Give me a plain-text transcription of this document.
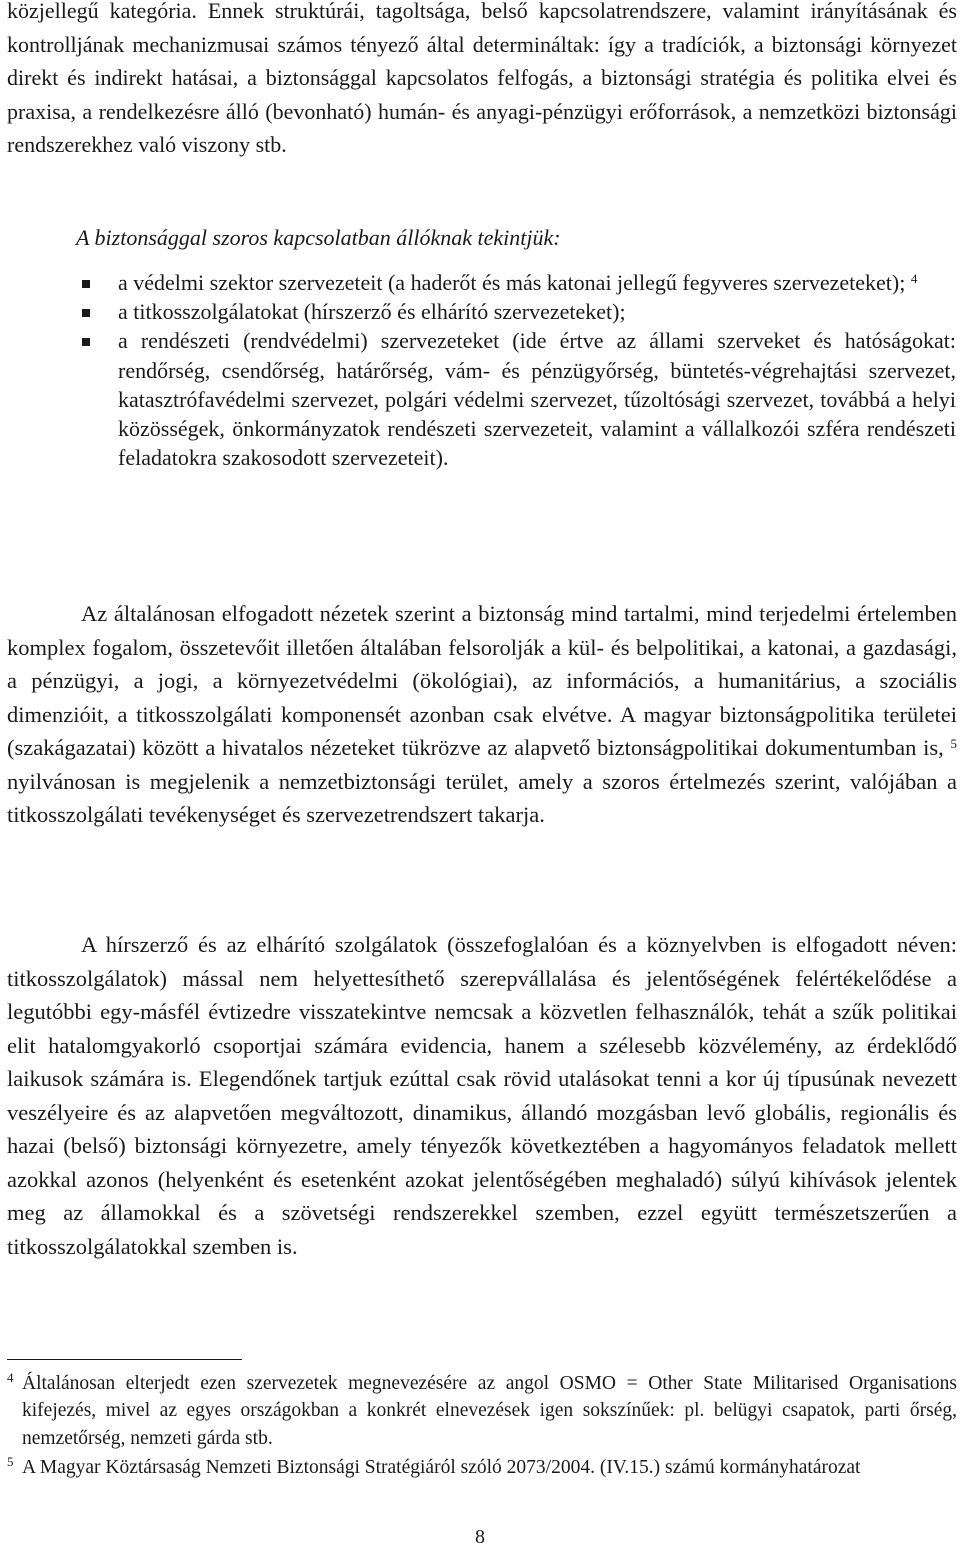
közjellegű kategória. Ennek struktúrái, tagoltsága, belső kapcsolatrendszere, valamint irányításának és kontrolljának mechanizmusai számos tényező által determináltak: így a tradíciók, a biztonsági környezet direkt és indirekt hatásai, a biztonsággal kapcsolatos felfogás, a biztonsági stratégia és politika elvei és praxisa, a rendelkezésre álló (bevonható) humán- és anyagi-pénzügyi erőforrások, a nemzetközi biztonsági rendszerekhez való viszony stb.

A biztonsággal szoros kapcsolatban állóknak tekintjük:

a védelmi szektor szervezeteit (a haderőt és más katonai jellegű fegyveres szervezeteket); $^4$
a titkosszolgálatokat (hírszerző és elhárító szervezeteket);
a rendészeti (rendvédelmi) szervezeteket (ide értve az állami szerveket és hatóságokat: rendőrség, csendőrség, határőrség, vám- és pénzügyőrség, büntetés-végrehajtási szervezet, katasztrófavédelmi szervezet, polgári védelmi szervezet, tűzoltósági szervezet, továbbá a helyi közösségek, önkormányzatok rendészeti szervezeteit, valamint a vállalkozói szféra rendészeti feladatokra szakosodott szervezeteit).

Az általánosan elfogadott nézetek szerint a biztonság mind tartalmi, mind terjedelmi értelemben komplex fogalom, összetevőit illetően általában felsorolják a kül- és belpolitikai, a katonai, a gazdasági, a pénzügyi, a jogi, a környezetvédelmi (ökológiai), az információs, a humanitárius, a szociális dimenzióit, a titkosszolgálati komponensét azonban csak elvétve. A magyar biztonságpolitika területei (szakágazatai) között a hivatalos nézeteket tükrözve az alapvető biztonságpolitikai dokumentumban is, $^5$ nyilvánosan is megjelenik a nemzetbiztonsági terület, amely a szoros értelmezés szerint, valójában a titkosszolgálati tevékenységet és szervezetrendszert takarja.

A hírszerző és az elhárító szolgálatok (összefoglalóan és a köznyelvben is elfogadott néven: titkosszolgálatok) mással nem helyettesíthető szerepvállalása és jelentőségének felértékelődése a legutóbbi egy-másfél évtizedre visszatekintve nemcsak a közvetlen felhasználók, tehát a szűk politikai elit hatalomgyakorló csoportjai számára evidencia, hanem a szélesebb közvélemény, az érdeklődő laikusok számára is. Elegendőnek tartjuk ezúttal csak rövid utalásokat tenni a kor új típusúnak nevezett veszélyeire és az alapvetően megváltozott, dinamikus, állandó mozgásban levő globális, regionális és hazai (belső) biztonsági környezetre, amely tényezők következtében a hagyományos feladatok mellett azokkal azonos (helyenként és esetenként azokat jelentőségében meghaladó) súlyú kihívások jelentek meg az államokkal és a szövetségi rendszerekkel szemben, ezzel együtt természetszerűen a titkosszolgálatokkal szemben is.

4 Általánosan elterjedt ezen szervezetek megnevezésére az angol OSMO = Other State Militarised Organisations kifejezés, mivel az egyes országokban a konkrét elnevezések igen sokszínűek: pl. belügyi csapatok, parti őrség, nemzetőrség, nemzeti gárda stb.

5 A Magyar Köztársaság Nemzeti Biztonsági Stratégiáról szóló 2073/2004. (IV.15.) számú kormányhatározat

8
